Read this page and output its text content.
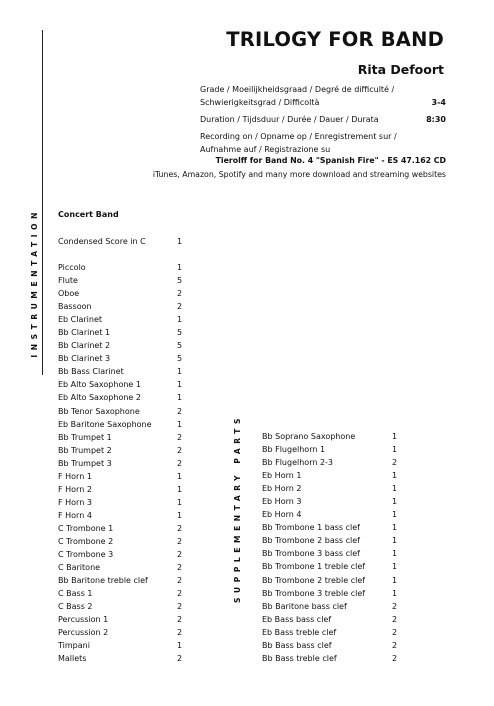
TRILOGY FOR BAND
Rita Defoort
Grade / Moeilijkheidsgraad / Degré de difficulté /
Schwierigkeitsgrad / Difficoltà	3-4
Duration / Tijdsduur / Durée / Dauer / Durata	8:30
Recording on / Opname op / Enregistrement sur /
Aufnahme auf / Registrazione su
Tierolff for Band No. 4 "Spanish Fire" - ES 47.162 CD
iTunes, Amazon, Spotify and many more download and streaming websites
INSTRUMENTATION
SUPPLEMENTARY PARTS
Concert Band
Condensed Score in C	1
Piccolo	1
Flute	5
Oboe	2
Bassoon	2
Eb Clarinet	1
Bb Clarinet 1	5
Bb Clarinet 2	5
Bb Clarinet 3	5
Bb Bass Clarinet	1
Eb Alto Saxophone 1	1
Eb Alto Saxophone 2	1
Bb Tenor Saxophone	2
Eb Baritone Saxophone	1
Bb Trumpet 1	2
Bb Trumpet 2	2
Bb Trumpet 3	2
F Horn 1	1
F Horn 2	1
F Horn 3	1
F Horn 4	1
C Trombone 1	2
C Trombone 2	2
C Trombone 3	2
C Baritone	2
Bb Baritone treble clef	2
C Bass 1	2
C Bass 2	2
Percussion 1	2
Percussion 2	2
Timpani	1
Mallets	2
Bb Soprano Saxophone	1
Bb Flugelhorn 1	1
Bb Flugelhorn 2-3	2
Eb Horn 1	1
Eb Horn 2	1
Eb Horn 3	1
Eb Horn 4	1
Bb Trombone 1 bass clef	1
Bb Trombone 2 bass clef	1
Bb Trombone 3 bass clef	1
Bb Trombone 1 treble clef	1
Bb Trombone 2 treble clef	1
Bb Trombone 3 treble clef	1
Bb Baritone bass clef	2
Eb Bass bass clef	2
Eb Bass treble clef	2
Bb Bass bass clef	2
Bb Bass treble clef	2
